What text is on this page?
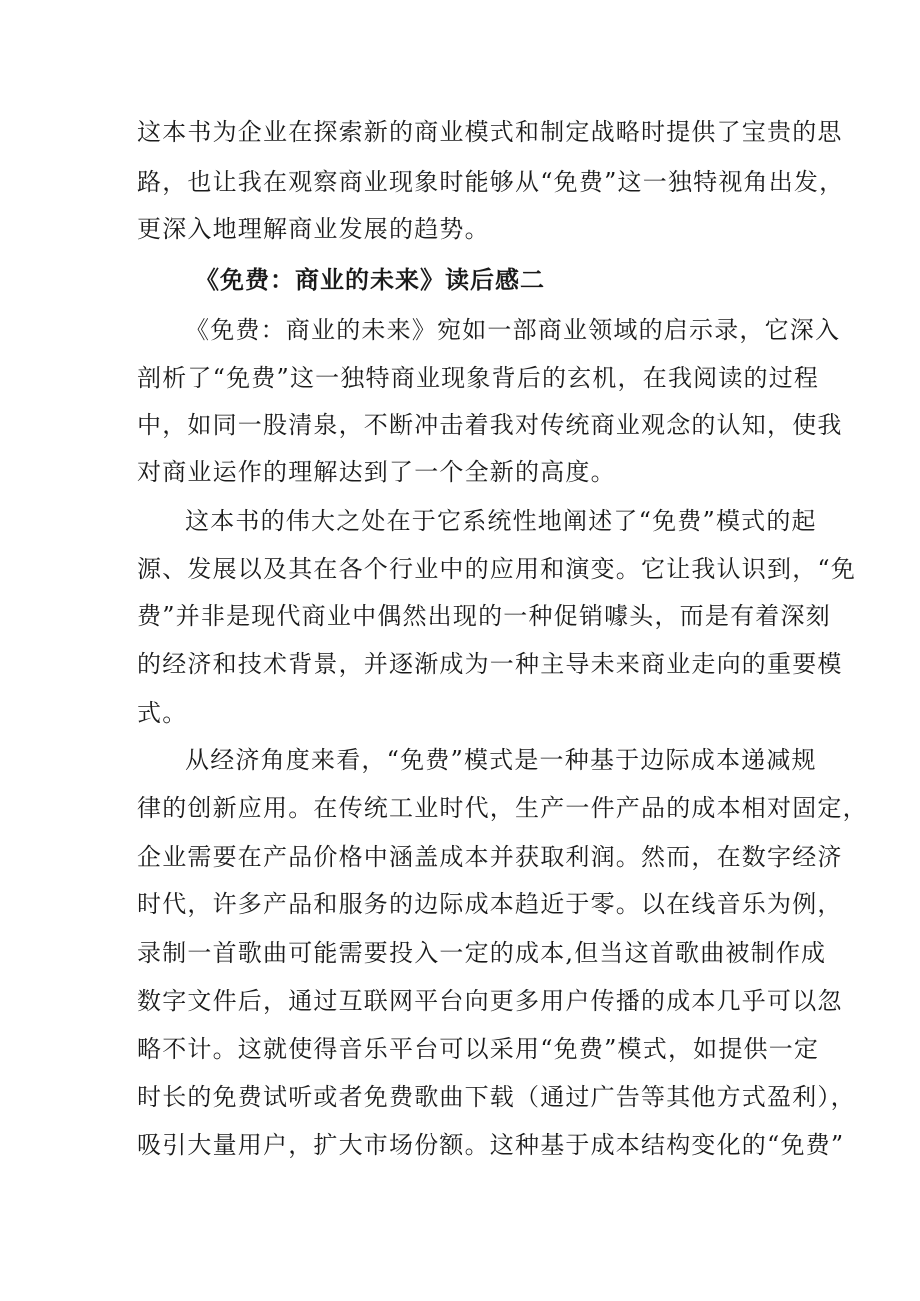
这本书为企业在探索新的商业模式和制定战略时提供了宝贵的思
路，也让我在观察商业现象时能够从“免费”这一独特视角出发，
更深入地理解商业发展的趋势。
《免费：商业的未来》读后感二
《免费：商业的未来》宛如一部商业领域的启示录，它深入
剖析了“免费”这一独特商业现象背后的玄机，在我阅读的过程
中，如同一股清泉，不断冲击着我对传统商业观念的认知，使我
对商业运作的理解达到了一个全新的高度。
这本书的伟大之处在于它系统性地阐述了“免费”模式的起
源、发展以及其在各个行业中的应用和演变。它让我认识到，“免
费”并非是现代商业中偶然出现的一种促销噱头，而是有着深刻
的经济和技术背景，并逐渐成为一种主导未来商业走向的重要模
式。
从经济角度来看，“免费”模式是一种基于边际成本递减规
律的创新应用。在传统工业时代，生产一件产品的成本相对固定，
企业需要在产品价格中涵盖成本并获取利润。然而，在数字经济
时代，许多产品和服务的边际成本趋近于零。以在线音乐为例，
录制一首歌曲可能需要投入一定的成本,但当这首歌曲被制作成
数字文件后，通过互联网平台向更多用户传播的成本几乎可以忽
略不计。这就使得音乐平台可以采用“免费”模式，如提供一定
时长的免费试听或者免费歌曲下载（通过广告等其他方式盈利），
吸引大量用户，扩大市场份额。这种基于成本结构变化的“免费”
